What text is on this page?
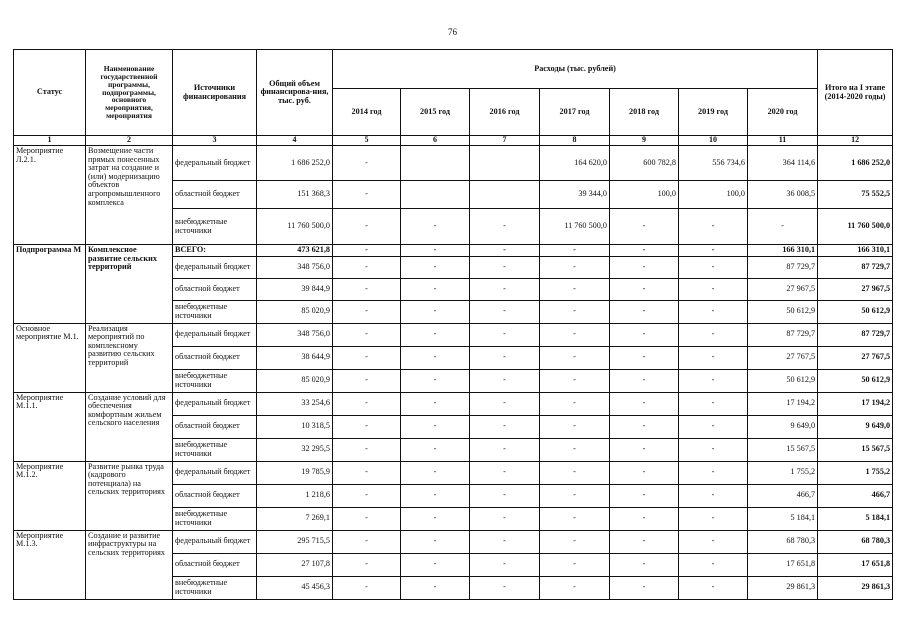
76
Статус	Наименование государственной программы, подпрограммы, основного мероприятия, мероприятия	Источники финансирования	Общий объем финансирова-ния, тыс. руб.	Расходы (тыс. рублей)							Итого на I этапе (2014-2020 годы)
				2014 год	2015 год	2016 год	2017 год	2018 год	2019 год	2020 год	
1	2	3	4	5	6	7	8	9	10	11	12
Мероприятие Л.2.1.	Возмещение части прямых понесенных затрат на создание и (или) модернизацию объектов агропромышленного комплекса	федеральный бюджет	1 686 252,0	-			164 620,0	600 782,8	556 734,6	364 114,6	1 686 252,0
		областной бюджет	151 368,3	-			39 344,0	100,0	100,0	36 008,5	75 552,5
		внебюджетные источники	11 760 500,0	-	-	-	11 760 500,0	-	-	-	11 760 500,0
Подпрограмма М	Комплексное развитие сельских территорий	ВСЕГО:	473 621,8	-	-	-	-	-	-	166 310,1	166 310,1
		федеральный бюджет	348 756,0	-	-	-	-	-	-	87 729,7	87 729,7
		областной бюджет	39 844,9	-	-	-	-	-	-	27 967,5	27 967,5
		внебюджетные источники	85 020,9	-	-	-	-	-	-	50 612,9	50 612,9
Основное мероприятие М.1.	Реализация мероприятий по комплексному развитию сельских территорий	федеральный бюджет	348 756,0	-	-	-	-	-	-	87 729,7	87 729,7
		областной бюджет	38 644,9	-	-	-	-	-	-	27 767,5	27 767,5
		внебюджетные источники	85 020,9	-	-	-	-	-	-	50 612,9	50 612,9
Мероприятие М.1.1.	Создание условий для обеспечения комфортным жильем сельского населения	федеральный бюджет	33 254,6	-	-	-	-	-	-	17 194,2	17 194,2
		областной бюджет	10 318,5	-	-	-	-	-	-	9 649,0	9 649,0
		внебюджетные источники	32 295,5	-	-	-	-	-	-	15 567,5	15 567,5
Мероприятие М.1.2.	Развитие рынка труда (кадрового потенциала) на сельских территориях	федеральный бюджет	19 785,9	-	-	-	-	-	-	1 755,2	1 755,2
		областной бюджет	1 218,6	-	-	-	-	-	-	466,7	466,7
		внебюджетные источники	7 269,1	-	-	-	-	-	-	5 184,1	5 184,1
Мероприятие М.1.3.	Создание и развитие инфраструктуры на сельских территориях	федеральный бюджет	295 715,5	-	-	-	-	-	-	68 780,3	68 780,3
		областной бюджет	27 107,8	-	-	-	-	-	-	17 651,8	17 651,8
		внебюджетные источники	45 456,3	-	-	-	-	-	-	29 861,3	29 861,3
